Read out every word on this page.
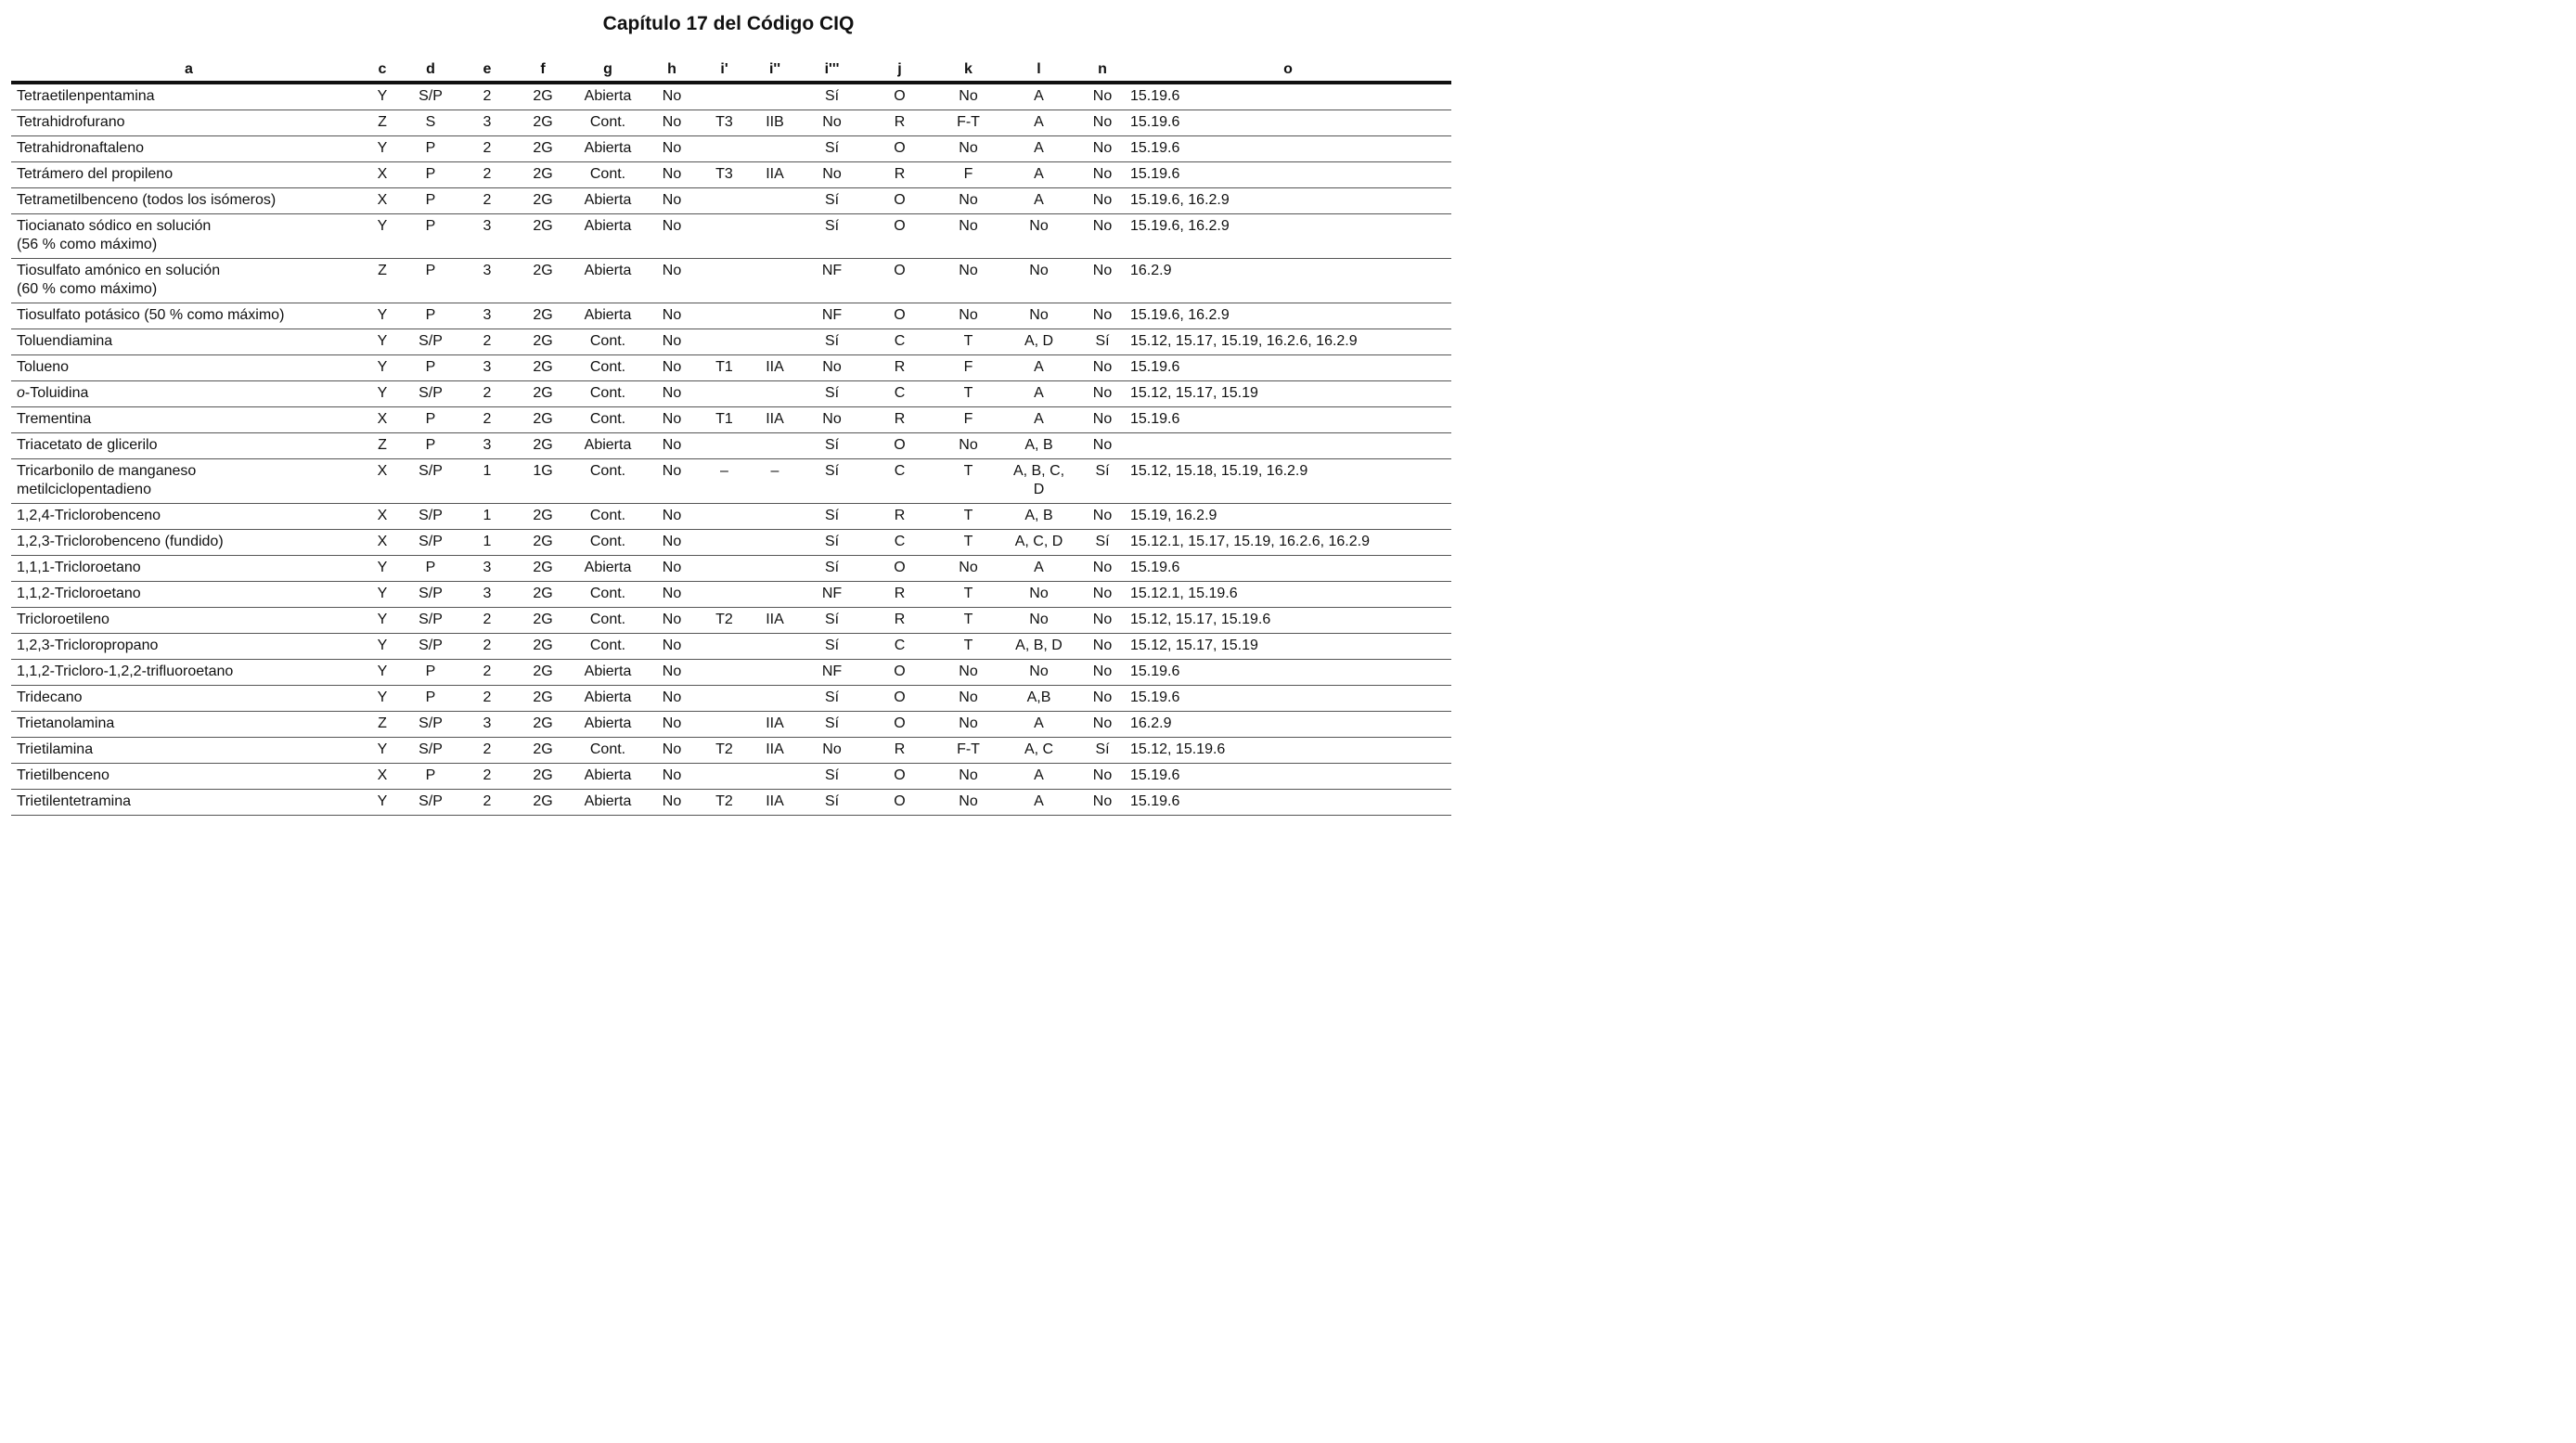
Capítulo 17 del Código CIQ
a	c	d	e	f	g	h	i'	i''	i'''	j	k	l	n	o
Tetraetilenpentamina	Y	S/P	2	2G	Abierta	No			Sí	O	No	A	No	15.19.6
Tetrahidrofurano	Z	S	3	2G	Cont.	No	T3	IIB	No	R	F-T	A	No	15.19.6
Tetrahidronaftaleno	Y	P	2	2G	Abierta	No			Sí	O	No	A	No	15.19.6
Tetrámero del propileno	X	P	2	2G	Cont.	No	T3	IIA	No	R	F	A	No	15.19.6
Tetrametilbenceno (todos los isómeros)	X	P	2	2G	Abierta	No			Sí	O	No	A	No	15.19.6, 16.2.9
Tiocianato sódico en solución
(56 % como máximo)	Y	P	3	2G	Abierta	No			Sí	O	No	No	No	15.19.6, 16.2.9
Tiosulfato amónico en solución
(60 % como máximo)	Z	P	3	2G	Abierta	No			NF	O	No	No	No	16.2.9
Tiosulfato potásico (50 % como máximo)	Y	P	3	2G	Abierta	No			NF	O	No	No	No	15.19.6, 16.2.9
Toluendiamina	Y	S/P	2	2G	Cont.	No			Sí	C	T	A, D	Sí	15.12, 15.17, 15.19, 16.2.6, 16.2.9
Tolueno	Y	P	3	2G	Cont.	No	T1	IIA	No	R	F	A	No	15.19.6
o-Toluidina	Y	S/P	2	2G	Cont.	No			Sí	C	T	A	No	15.12, 15.17, 15.19
Trementina	X	P	2	2G	Cont.	No	T1	IIA	No	R	F	A	No	15.19.6
Triacetato de glicerilo	Z	P	3	2G	Abierta	No			Sí	O	No	A, B	No	
Tricarbonilo de manganeso
metilciclopentadieno	X	S/P	1	1G	Cont.	No	–	–	Sí	C	T	A, B, C,
D	Sí	15.12, 15.18, 15.19, 16.2.9
1,2,4-Triclorobenceno	X	S/P	1	2G	Cont.	No			Sí	R	T	A, B	No	15.19, 16.2.9
1,2,3-Triclorobenceno (fundido)	X	S/P	1	2G	Cont.	No			Sí	C	T	A, C, D	Sí	15.12.1, 15.17, 15.19, 16.2.6, 16.2.9
1,1,1-Tricloroetano	Y	P	3	2G	Abierta	No			Sí	O	No	A	No	15.19.6
1,1,2-Tricloroetano	Y	S/P	3	2G	Cont.	No			NF	R	T	No	No	15.12.1, 15.19.6
Tricloroetileno	Y	S/P	2	2G	Cont.	No	T2	IIA	Sí	R	T	No	No	15.12, 15.17, 15.19.6
1,2,3-Tricloropropano	Y	S/P	2	2G	Cont.	No			Sí	C	T	A, B, D	No	15.12, 15.17, 15.19
1,1,2-Tricloro-1,2,2-trifluoroetano	Y	P	2	2G	Abierta	No			NF	O	No	No	No	15.19.6
Tridecano	Y	P	2	2G	Abierta	No			Sí	O	No	A,B	No	15.19.6
Trietanolamina	Z	S/P	3	2G	Abierta	No		IIA	Sí	O	No	A	No	16.2.9
Trietilamina	Y	S/P	2	2G	Cont.	No	T2	IIA	No	R	F-T	A, C	Sí	15.12, 15.19.6
Trietilbenceno	X	P	2	2G	Abierta	No			Sí	O	No	A	No	15.19.6
Trietilentetramina	Y	S/P	2	2G	Abierta	No	T2	IIA	Sí	O	No	A	No	15.19.6
